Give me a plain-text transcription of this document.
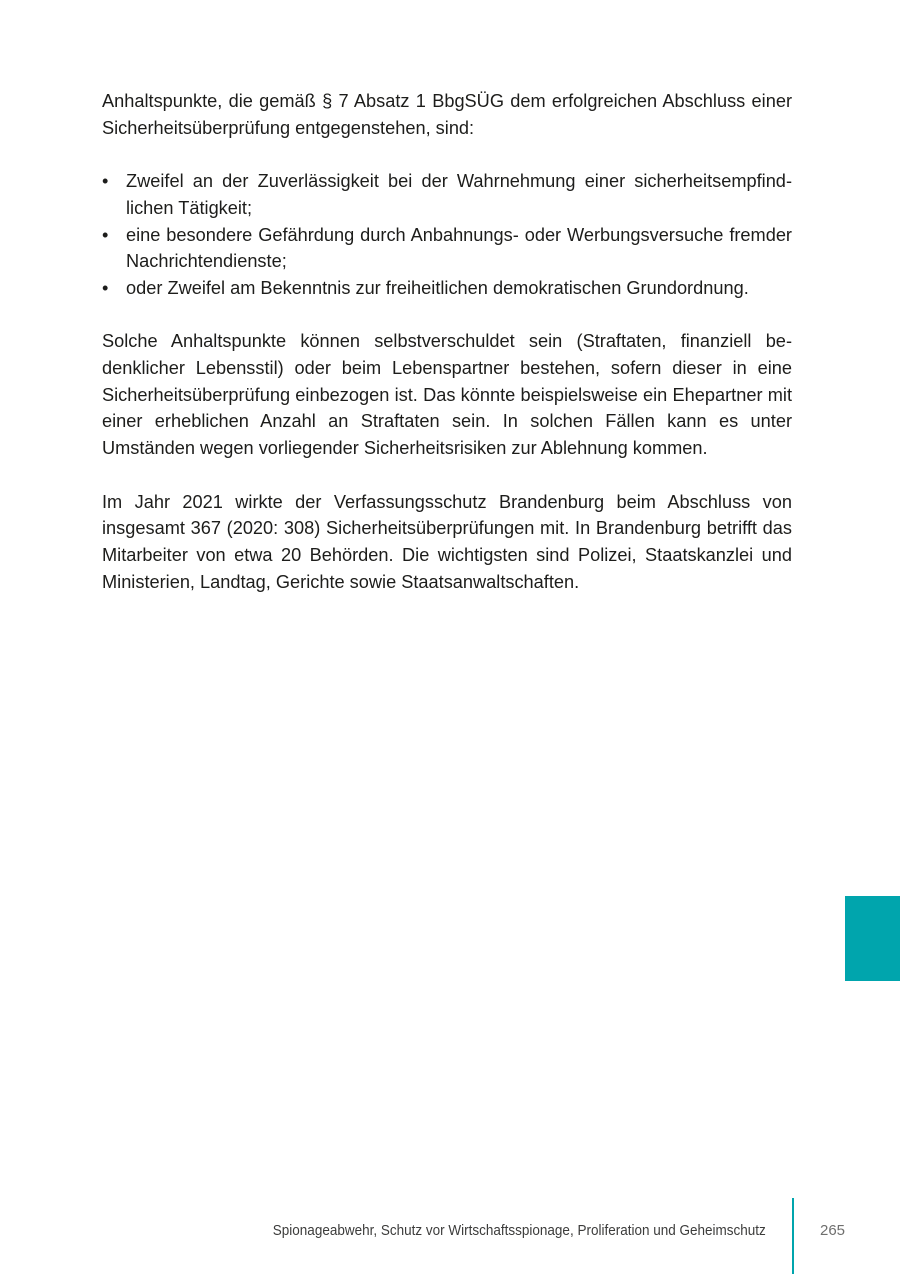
Anhaltspunkte, die gemäß § 7 Absatz 1 BbgSÜG dem erfolgreichen Abschluss einer Sicherheitsüberprüfung entgegenstehen, sind:

• Zweifel an der Zuverlässigkeit bei der Wahrnehmung einer sicherheitsempfindlichen Tätigkeit;
• eine besondere Gefährdung durch Anbahnungs- oder Werbungsversuche fremder Nachrichtendienste;
• oder Zweifel am Bekenntnis zur freiheitlichen demokratischen Grundordnung.

Solche Anhaltspunkte können selbstverschuldet sein (Straftaten, finanziell bedenklicher Lebensstil) oder beim Lebenspartner bestehen, sofern dieser in eine Sicherheitsüberprüfung einbezogen ist. Das könnte beispielsweise ein Ehepartner mit einer erheblichen Anzahl an Straftaten sein. In solchen Fällen kann es unter Umständen wegen vorliegender Sicherheitsrisiken zur Ablehnung kommen.

Im Jahr 2021 wirkte der Verfassungsschutz Brandenburg beim Abschluss von insgesamt 367 (2020: 308) Sicherheitsüberprüfungen mit. In Brandenburg betrifft das Mitarbeiter von etwa 20 Behörden. Die wichtigsten sind Polizei, Staatskanzlei und Ministerien, Landtag, Gerichte sowie Staatsanwaltschaften.

Spionageabwehr, Schutz vor Wirtschaftsspionage, Proliferation und Geheimschutz	265
